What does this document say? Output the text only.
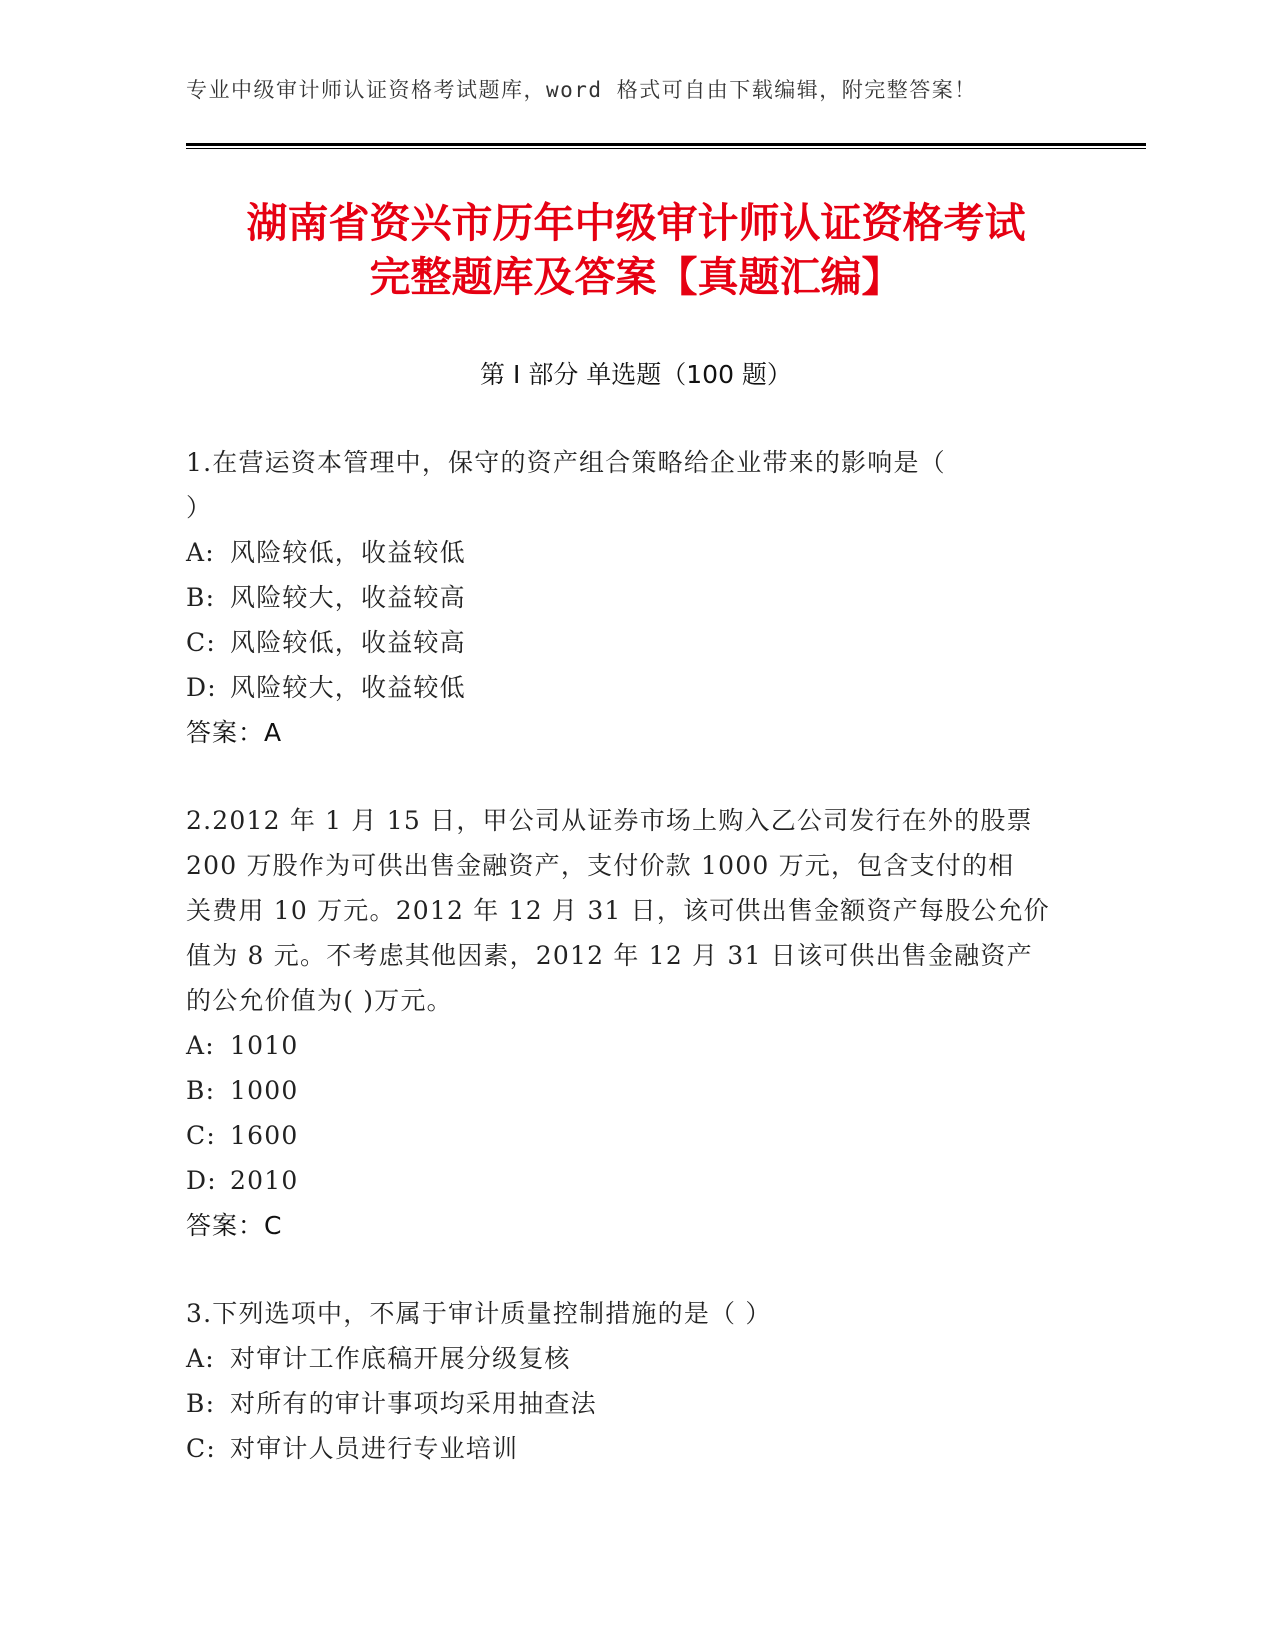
专业中级审计师认证资格考试题库，word 格式可自由下载编辑，附完整答案！
湖南省资兴市历年中级审计师认证资格考试
完整题库及答案【真题汇编】
第 I 部分 单选题（100 题）
1.在营运资本管理中，保守的资产组合策略给企业带来的影响是（
）
A: 风险较低，收益较低
B: 风险较大，收益较高
C: 风险较低，收益较高
D: 风险较大，收益较低
答案：A
2.2012 年 1 月 15 日，甲公司从证券市场上购入乙公司发行在外的股票
200 万股作为可供出售金融资产，支付价款 1000 万元，包含支付的相
关费用 10 万元。2012 年 12 月 31 日，该可供出售金额资产每股公允价
值为 8 元。不考虑其他因素，2012 年 12 月 31 日该可供出售金融资产
的公允价值为( )万元。
A: 1010
B: 1000
C: 1600
D: 2010
答案：C
3.下列选项中，不属于审计质量控制措施的是（ ）
A: 对审计工作底稿开展分级复核
B: 对所有的审计事项均采用抽查法
C: 对审计人员进行专业培训
